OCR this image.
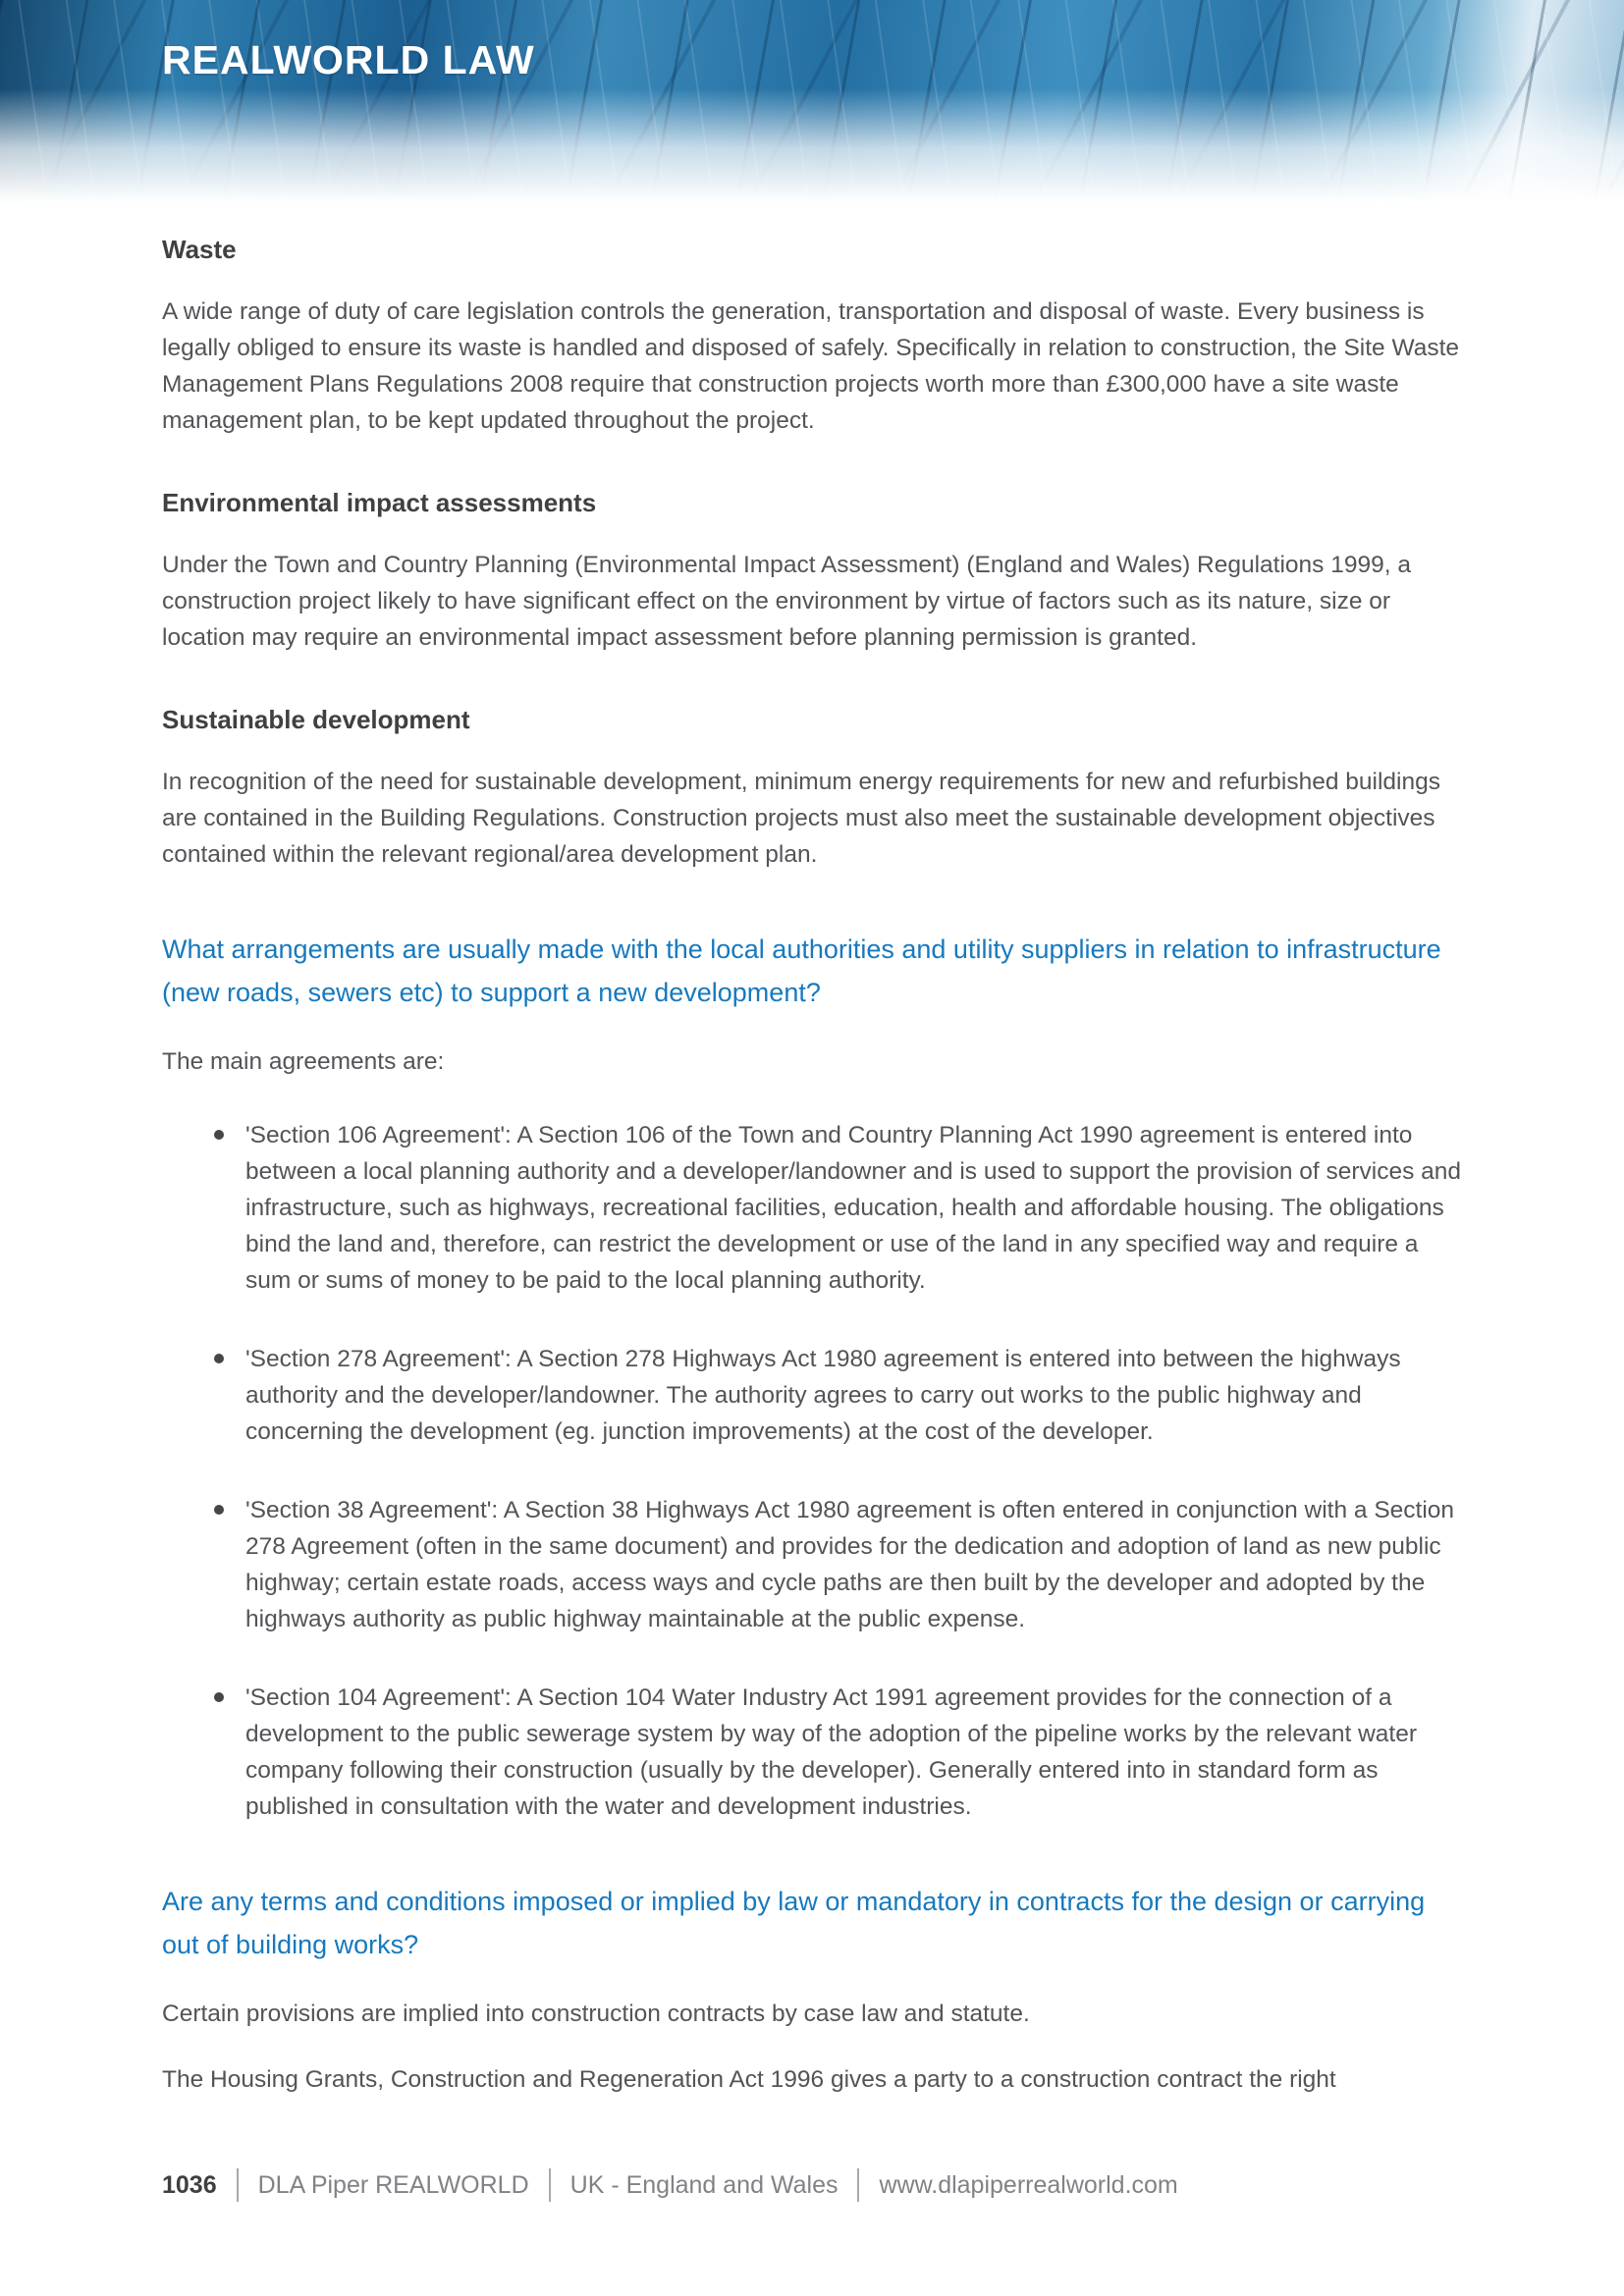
REALWORLD LAW
Waste

A wide range of duty of care legislation controls the generation, transportation and disposal of waste. Every business is legally obliged to ensure its waste is handled and disposed of safely. Specifically in relation to construction, the Site Waste Management Plans Regulations 2008 require that construction projects worth more than £300,000 have a site waste management plan, to be kept updated throughout the project.

Environmental impact assessments

Under the Town and Country Planning (Environmental Impact Assessment) (England and Wales) Regulations 1999, a construction project likely to have significant effect on the environment by virtue of factors such as its nature, size or location may require an environmental impact assessment before planning permission is granted.

Sustainable development

In recognition of the need for sustainable development, minimum energy requirements for new and refurbished buildings are contained in the Building Regulations. Construction projects must also meet the sustainable development objectives contained within the relevant regional/area development plan.

What arrangements are usually made with the local authorities and utility suppliers in relation to infrastructure (new roads, sewers etc) to support a new development?

The main agreements are:

'Section 106 Agreement': A Section 106 of the Town and Country Planning Act 1990 agreement is entered into between a local planning authority and a developer/landowner and is used to support the provision of services and infrastructure, such as highways, recreational facilities, education, health and affordable housing. The obligations bind the land and, therefore, can restrict the development or use of the land in any specified way and require a sum or sums of money to be paid to the local planning authority.
'Section 278 Agreement': A Section 278 Highways Act 1980 agreement is entered into between the highways authority and the developer/landowner. The authority agrees to carry out works to the public highway and concerning the development (eg. junction improvements) at the cost of the developer.
'Section 38 Agreement': A Section 38 Highways Act 1980 agreement is often entered in conjunction with a Section 278 Agreement (often in the same document) and provides for the dedication and adoption of land as new public highway; certain estate roads, access ways and cycle paths are then built by the developer and adopted by the highways authority as public highway maintainable at the public expense.
'Section 104 Agreement': A Section 104 Water Industry Act 1991 agreement provides for the connection of a development to the public sewerage system by way of the adoption of the pipeline works by the relevant water company following their construction (usually by the developer). Generally entered into in standard form as published in consultation with the water and development industries.
Are any terms and conditions imposed or implied by law or mandatory in contracts for the design or carrying out of building works?

Certain provisions are implied into construction contracts by case law and statute.

The Housing Grants, Construction and Regeneration Act 1996 gives a party to a construction contract the right

1036 DLA Piper REALWORLD UK - England and Wales www.dlapiperrealworld.com
